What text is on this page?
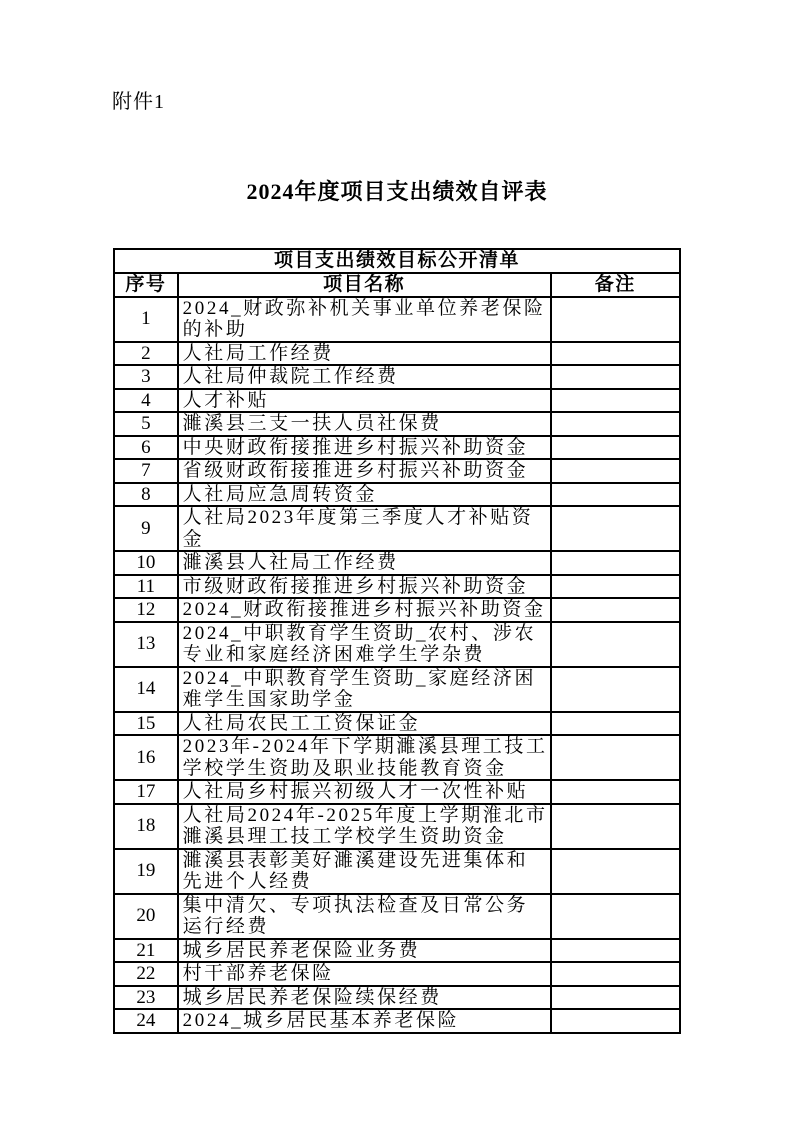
附件1
2024年度项目支出绩效自评表
项目支出绩效目标公开清单		
序号	项目名称	备注
1	2024_财政弥补机关事业单位养老保险的补助	
2	人社局工作经费	
3	人社局仲裁院工作经费	
4	人才补贴	
5	濉溪县三支一扶人员社保费	
6	中央财政衔接推进乡村振兴补助资金	
7	省级财政衔接推进乡村振兴补助资金	
8	人社局应急周转资金	
9	人社局2023年度第三季度人才补贴资金	
10	濉溪县人社局工作经费	
11	市级财政衔接推进乡村振兴补助资金	
12	2024_财政衔接推进乡村振兴补助资金	
13	2024_中职教育学生资助_农村、涉农专业和家庭经济困难学生学杂费	
14	2024_中职教育学生资助_家庭经济困难学生国家助学金	
15	人社局农民工工资保证金	
16	2023年-2024年下学期濉溪县理工技工学校学生资助及职业技能教育资金	
17	人社局乡村振兴初级人才一次性补贴	
18	人社局2024年-2025年度上学期淮北市濉溪县理工技工学校学生资助资金	
19	濉溪县表彰美好濉溪建设先进集体和先进个人经费	
20	集中清欠、专项执法检查及日常公务运行经费	
21	城乡居民养老保险业务费	
22	村干部养老保险	
23	城乡居民养老保险续保经费	
24	2024_城乡居民基本养老保险	
